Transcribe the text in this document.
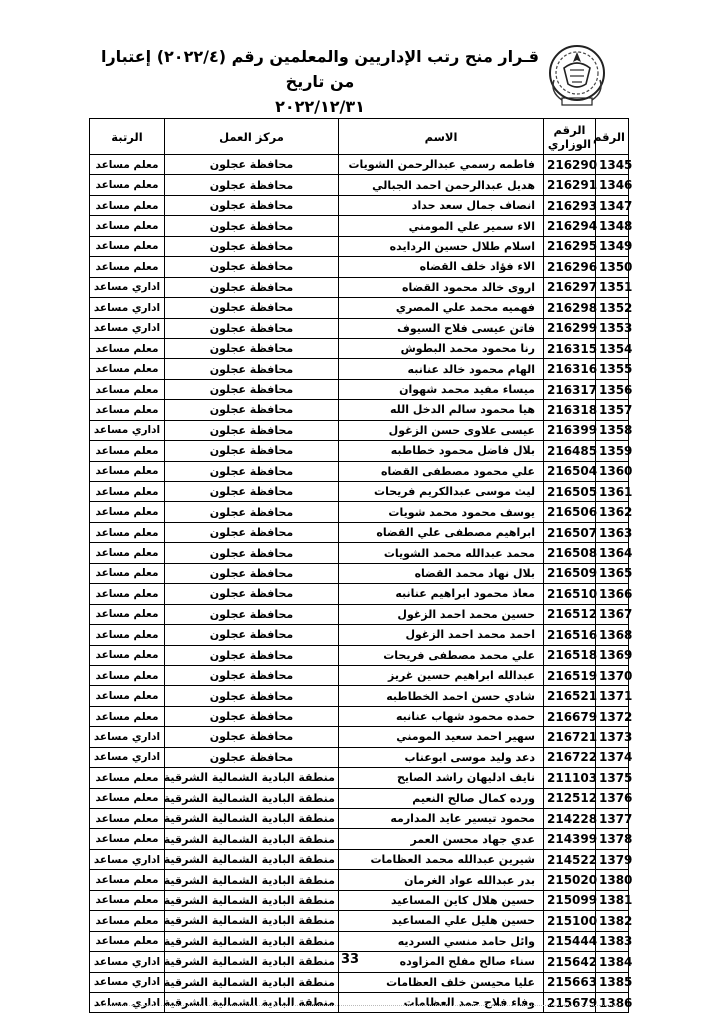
قـرار منح رتب الإداريين والمعلمين رقم (٢٠٢٢/٤) إعتبارا من تاريخ
٢٠٢٢/١٢/٣١
الرقم	الرقم الوزاري	الاسم	مركز العمل	الرتبة
1345	216290	فاطمه رسمي عبدالرحمن الشويات	محافظة عجلون	معلم مساعد
1346	216291	هديل عبدالرحمن احمد الجبالي	محافظة عجلون	معلم مساعد
1347	216293	انصاف جمال سعد حداد	محافظة عجلون	معلم مساعد
1348	216294	الاء سمير علي المومني	محافظة عجلون	معلم مساعد
1349	216295	اسلام طلال حسين الردايده	محافظة عجلون	معلم مساعد
1350	216296	الاء فؤاد خلف القضاه	محافظة عجلون	معلم مساعد
1351	216297	اروى خالد محمود القضاه	محافظة عجلون	اداري مساعد
1352	216298	فهميه محمد علي المصري	محافظة عجلون	اداري مساعد
1353	216299	فاتن عيسى فلاح السيوف	محافظة عجلون	اداري مساعد
1354	216315	رنا محمود محمد البطوش	محافظة عجلون	معلم مساعد
1355	216316	الهام محمود خالد عنانبه	محافظة عجلون	معلم مساعد
1356	216317	ميساء مفيد محمد شهوان	محافظة عجلون	معلم مساعد
1357	216318	هيا محمود سالم الدخل الله	محافظة عجلون	معلم مساعد
1358	216399	عيسى علاوى حسن الزغول	محافظة عجلون	اداري مساعد
1359	216485	بلال فاضل محمود خطاطبه	محافظة عجلون	معلم مساعد
1360	216504	علي محمود مصطفى القضاه	محافظة عجلون	معلم مساعد
1361	216505	ليث موسى عبدالكريم فريحات	محافظة عجلون	معلم مساعد
1362	216506	يوسف محمود محمد شويات	محافظة عجلون	معلم مساعد
1363	216507	ابراهيم مصطفى علي القضاه	محافظة عجلون	معلم مساعد
1364	216508	محمد عبدالله محمد الشويات	محافظة عجلون	معلم مساعد
1365	216509	بلال نهاد محمد القضاه	محافظة عجلون	معلم مساعد
1366	216510	معاذ محمود ابراهيم عنانبه	محافظة عجلون	معلم مساعد
1367	216512	حسين محمد احمد الزغول	محافظة عجلون	معلم مساعد
1368	216516	احمد محمد احمد الزغول	محافظة عجلون	معلم مساعد
1369	216518	علي محمد مصطفى فريحات	محافظة عجلون	معلم مساعد
1370	216519	عبدالله ابراهيم حسين غريز	محافظة عجلون	معلم مساعد
1371	216521	شادي حسن احمد الخطاطبه	محافظة عجلون	معلم مساعد
1372	216679	حمده محمود شهاب عنانبه	محافظة عجلون	معلم مساعد
1373	216721	سهير احمد سعيد المومني	محافظة عجلون	اداري مساعد
1374	216722	دعد وليد موسى ابوعناب	محافظة عجلون	اداري مساعد
1375	211103	نايف ادليهان راشد الصايح	منطقة البادية الشمالية الشرقية	معلم مساعد
1376	212512	ورده كمال صالح النعيم	منطقة البادية الشمالية الشرقية	معلم مساعد
1377	214228	محمود تيسير عايد المدارمه	منطقة البادية الشمالية الشرقية	معلم مساعد
1378	214399	عدي جهاد محسن العمر	منطقة البادية الشمالية الشرقية	معلم مساعد
1379	214522	شيرين عبدالله محمد العظامات	منطقة البادية الشمالية الشرقية	اداري مساعد
1380	215020	بدر عبدالله عواد الغرمان	منطقة البادية الشمالية الشرقية	معلم مساعد
1381	215099	حسين هلال كاين المساعيد	منطقة البادية الشمالية الشرقية	معلم مساعد
1382	215100	حسين هليل علي المساعيد	منطقة البادية الشمالية الشرقية	معلم مساعد
1383	215444	وائل حامد منسي السرديه	منطقة البادية الشمالية الشرقية	معلم مساعد
1384	215642	سناء صالح مفلح المزاوده	منطقة البادية الشمالية الشرقية	اداري مساعد
1385	215663	عليا محيسن خلف العظامات	منطقة البادية الشمالية الشرقية	اداري مساعد
1386	215679	وفاء فلاح حمد العظامات	منطقة البادية الشمالية الشرقية	اداري مساعد
33
